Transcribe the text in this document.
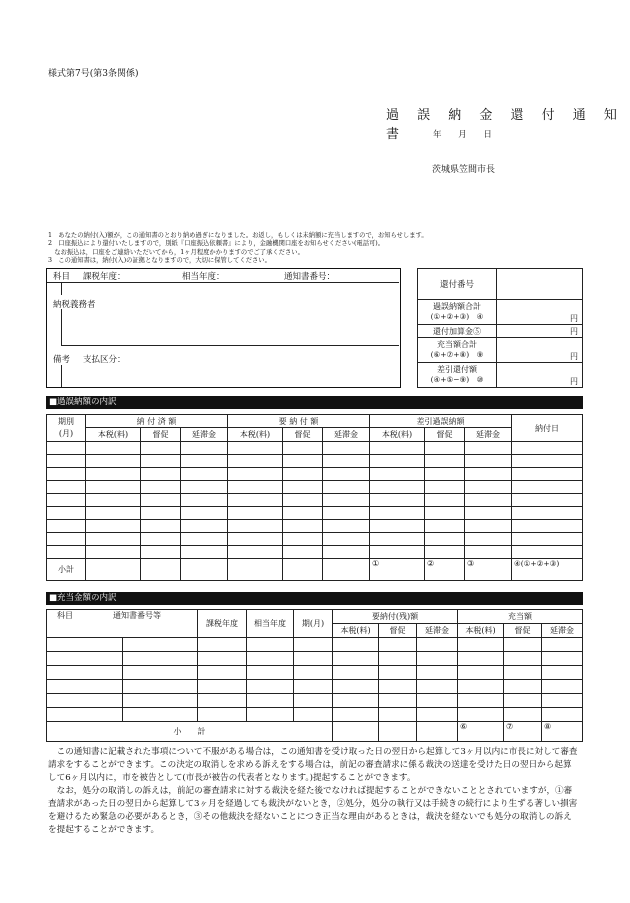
様式第7号(第3条関係)
過 誤 納 金 還 付 通 知 書	年 月 日
茨城県笠間市長
1　あなたの納付(入)額が，この通知書のとおり納め過ぎになりました。お返し，もしくは未納額に充当しますので，お知らせします。
2　口座振込により還付いたしますので，別紙『口座振込依頼書』により，金融機関口座をお知らせください(電話可)。
　なお振込は，口座をご連絡いただいてから，1ヶ月程度かかりますのでご了承ください。
3　この通知書は，納付(入)の証拠となりますので，大切に保管してください。
科目 課税年度：	相当年度：	通知書番号：
納税義務者
備考 支払区分：
還付番号	

過誤納額合計
(①+②+③)　④	円
還付加算金⑤	円

充当額合計
(⑥+⑦+⑧)　⑨	円

差引還付額
(④+⑤−⑨)　⑩	円
■過誤納額の内訳
期別
(月)	納 付 済 額			要 納 付 額			差引過誤納額			納付日
	本税(料)	督促	延滞金	本税(料)	督促	延滞金	本税(料)	督促	延滞金	

小計							①	②	③	④(①+②+③)
■充当金額の内訳
科目 通知書番号等		課税年度	相当年度	期(月)	要納付(残)額			充当額		
					本税(料)	督促	延滞金	本税(料)	督促	延滞金

小　　計								⑥	⑦	⑧

この通知書に記載された事項について不服がある場合は，この通知書を受け取った日の翌日から起算して3ヶ月以内に市長に対して審査請求をすることができます。この決定の取消しを求める訴えをする場合は，前記の審査請求に係る裁決の送達を受けた日の翌日から起算して6ヶ月以内に，市を被告として(市長が被告の代表者となります。)提起することができます。

なお，処分の取消しの訴えは，前記の審査請求に対する裁決を経た後でなければ提起することができないこととされていますが，①審査請求があった日の翌日から起算して3ヶ月を経過しても裁決がないとき，②処分，処分の執行又は手続きの続行により生ずる著しい損害を避けるため緊急の必要があるとき，③その他裁決を経ないことにつき正当な理由があるときは，裁決を経ないでも処分の取消しの訴えを提起することができます。
